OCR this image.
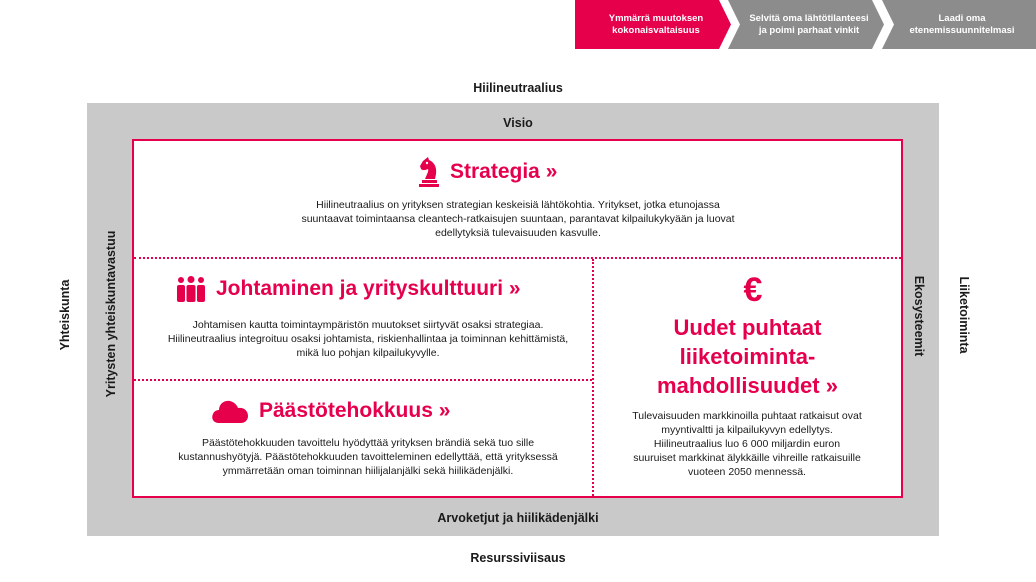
Ymmärrä muutoksen
kokonaisvaltaisuus
Selvitä oma lähtötilanteesi
ja poimi parhaat vinkit
Laadi oma
etenemissuunnitelmasi
Hiilineutraalius
Resurssiviisaus
Yhteiskunta	Liiketoiminta
Visio
Arvoketjut ja hiilikädenjälki
Yritysten yhteiskuntavastuu	Ekosysteemit
Strategia »
Hiilineutraalius on yrityksen strategian keskeisiä lähtökohtia. Yritykset, jotka etunojassa suuntaavat toimintaansa cleantech-ratkaisujen suuntaan, parantavat kilpailukykyään ja luovat edellytyksiä tulevaisuuden kasvulle.
Johtaminen ja yrityskulttuuri »
Johtamisen kautta toimintaympäristön muutokset siirtyvät osaksi strategiaa. Hiilineutraalius integroituu osaksi johtamista, riskienhallintaa ja toiminnan kehittämistä, mikä luo pohjan kilpailukyvylle.
Päästötehokkuus »
Päästötehokkuuden tavoittelu hyödyttää yrityksen brändiä sekä tuo sille kustannushyötyjä. Päästötehokkuuden tavoitteleminen edellyttää, että yrityksessä ymmärretään oman toiminnan hiilijalanjälki sekä hiilikädenjälki.
€
Uudet puhtaat
liiketoiminta-
mahdollisuudet »
Tulevaisuuden markkinoilla puhtaat ratkaisut ovat myyntivaltti ja kilpailukyvyn edellytys. Hiilineutraalius luo 6 000 miljardin euron suuruiset markkinat älykkäille vihreille ratkaisuille vuoteen 2050 mennessä.
